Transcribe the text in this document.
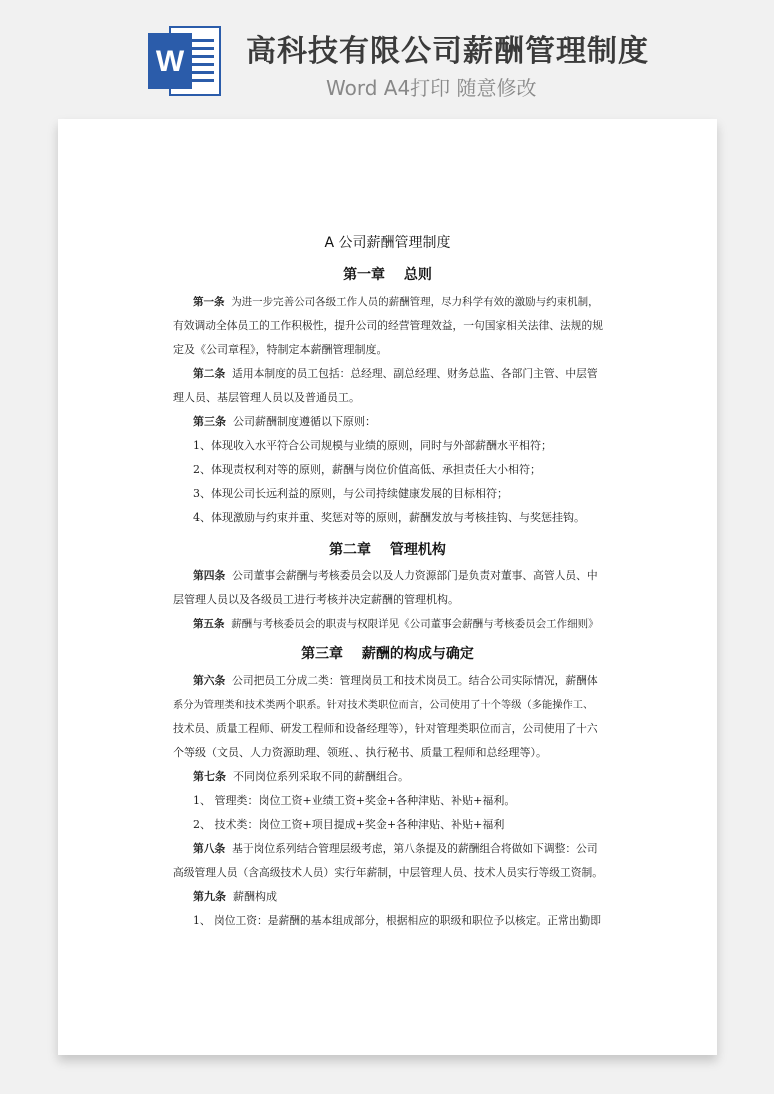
W 高科技有限公司薪酬管理制度
Word A4打印 随意修改
A 公司薪酬管理制度
第一章　 总则
第一条 为进一步完善公司各级工作人员的薪酬管理，尽力科学有效的激励与约束机制，
有效调动全体员工的工作积极性，提升公司的经营管理效益，一句国家相关法律、法规的规
定及《公司章程》，特制定本薪酬管理制度。
第二条 适用本制度的员工包括：总经理、副总经理、财务总监、各部门主管、中层管
理人员、基层管理人员以及普通员工。
第三条 公司薪酬制度遵循以下原则：
1、体现收入水平符合公司规模与业绩的原则，同时与外部薪酬水平相符；
2、体现责权利对等的原则，薪酬与岗位价值高低、承担责任大小相符；
3、体现公司长远利益的原则，与公司持续健康发展的目标相符；
4、体现激励与约束并重、奖惩对等的原则，薪酬发放与考核挂钩、与奖惩挂钩。
第二章　 管理机构
第四条 公司董事会薪酬与考核委员会以及人力资源部门是负责对董事、高管人员、中
层管理人员以及各级员工进行考核并决定薪酬的管理机构。
第五条 薪酬与考核委员会的职责与权限详见《公司董事会薪酬与考核委员会工作细则》
第三章　 薪酬的构成与确定
第六条 公司把员工分成二类：管理岗员工和技术岗员工。结合公司实际情况，薪酬体
系分为管理类和技术类两个职系。针对技术类职位而言，公司使用了十个等级（多能操作工、
技术员、质量工程师、研发工程师和设备经理等），针对管理类职位而言，公司使用了十六
个等级（文员、人力资源助理、领班、、执行秘书、质量工程师和总经理等）。
第七条 不同岗位系列采取不同的薪酬组合。
1、 管理类：岗位工资+业绩工资+奖金+各种津贴、补贴+福利。
2、 技术类：岗位工资+项目提成+奖金+各种津贴、补贴+福利
第八条 基于岗位系列结合管理层级考虑，第八条提及的薪酬组合将做如下调整：公司
高级管理人员（含高级技术人员）实行年薪制，中层管理人员、技术人员实行等级工资制。
第九条 薪酬构成
1、 岗位工资：是薪酬的基本组成部分，根据相应的职级和职位予以核定。正常出勤即
